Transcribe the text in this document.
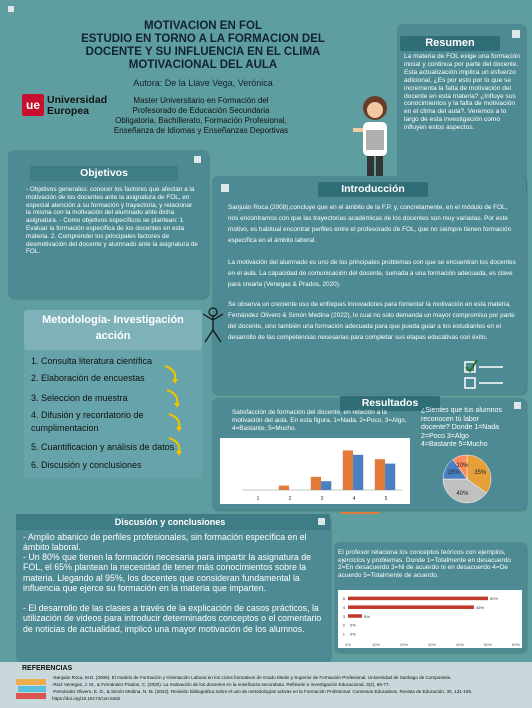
MOTIVACION EN FOL
ESTUDIO EN TORNO A LA FORMACION DEL
DOCENTE Y SU INFLUENCIA EN EL CLIMA
MOTIVACIONAL DEL AULA
Autora: De la Llave Vega, Verónica
ue Universidad
Europea
Master Universitario en Formación del
Profesorado de Educación Secundaria
Obligatoria, Bachillerato, Formación Profesional,
Enseñanza de Idiomas y Enseñanzas Deportivas
Resumen
La materia de FOL exige una formación inicial y continua por parte del docente. Esta actualización implica un esfuerzo adicional, ¿Es por esto por lo que se incrementa la falta de motivación del docente en esta materia? ¿Influye sus conocimientos y la falta de motivación en el clima del aula?. Veremos a lo largo de esta investigación como influyen estos aspectos.
Objetivos
- Objetivos generales: conocer los factores que afectan a la motivación de los docentes ante la asignatura de FOL, en especial atención a su formación y trayectoria, y relacionar la misma con la motivación del alumnado ante dicha asignatura. - Como objetivos específicos se plantean: 1. Evaluar la formación específica de los docentes en esta materia. 2. Comprender los principales factores de desmotivación del docente y alumnado ante la asignatura de FOL.
Introducción
Sanjuán Roca (2008),concluye que en el ámbito de la F.P. y, concretamente, en el módulo de FOL, nos encontramos con que las trayectorias académicas de los docentes son muy variadas. Por este motivo, es habitual encontrar perfiles entre el profesorado de FOL, que no siempre tienen formación específica en el ámbito laboral.
La motivación del alumnado es uno de los principales problemas con que se encuentran los docentes en el aula. La capacidad de comunicación del docente, sumada a una formación adecuada, es clave para crearla (Venegas & Prados, 2020).
Se observa un creciente uso de enfoques innovadores para fomentar la motivación en esta materia, Fernández Olivero & Simón Medina (2022), lo cual no solo demanda un mayor compromiso por parte del docente, sino también una formación adecuada para que pueda guiar a los estudiantes en el desarrollo de las competencias necesarias para completar sus etapas educativas con éxito.
Metodología- Investigación
acción
1. Consulta literatura científica
2. Elaboración de encuestas
3. Seleccion de muestra
4. Difusión y recordatorio de
cumplimentacion
5. Cuantificacion y análisis de datos
6. Discusión y conclusiones
Resultados
Satisfacción de formación del docente, en relación a la motivación del aula. En esta figura, 1=Nada, 2=Poco, 3=Algo, 4=Bastante, 5=Mucho.
1	2	3	4	5
¿Sientes que tus alumnos
reconocen tú labor
docente? Donde 1=Nada
2=Poco 3=Algo
4=Bastante 5=Mucho
35%
40%
15%
10%
Discusión y conclusiones
- Amplio abanico de perfiles profesionales, sin formación específica en el ámbito laboral.
- Un 80% que tienen la formación necesaria para impartir la asignatura de FOL, el 65% plantean la necesidad de tener más conocimientos sobre la materia. Llegando al 95%, los docentes que consideran fundamental la influencia que ejerce su formación en la materia que imparten.
- El desarrollo de las clases a través de la explicación de casos prácticos, la utilización de videos para introducir determinados conceptos o el comentario de noticias de actualidad, implicó una mayor motivación de los alumnos.
El profesor relaciona los conceptos teóricos con ejemplos, ejercicios y problemas. Donde 1=Totalmente en desacuerdo 2=En desacuerdo 3=Ni de acuerdo ni en desacuerdo 4=De acuerdo 5=Totalmente de acuerdo.
0%	10%	20%	30%	40%	50%	60%
0%
1
0%
2
5%
3
45%
4
50%
5
REFERENCIAS
-Sanjuán Roca, M.D. (2008). El modelo de Formación y Orientación Laboral en los ciclos formativos de Grado Medio y Superior de Formación Profesional. Universidad de Santiago de Compostela.
-Ruiz Venegas, J. M., & Fernández Prados, C. (2020). La motivación de los docentes en la enseñanza secundaria. Reflexión e investigación Educacional, 3(2), 66-77.
-Fernández Olivero, E. D., & Simón Medina, N. M. (2022). Revisión bibliográfica sobre el uso de metodologías activas en la Formación Profesional. Contextos Educativos. Revista de Educación, 30, 131-155.
https://doi.org/10.18172/con.5362
